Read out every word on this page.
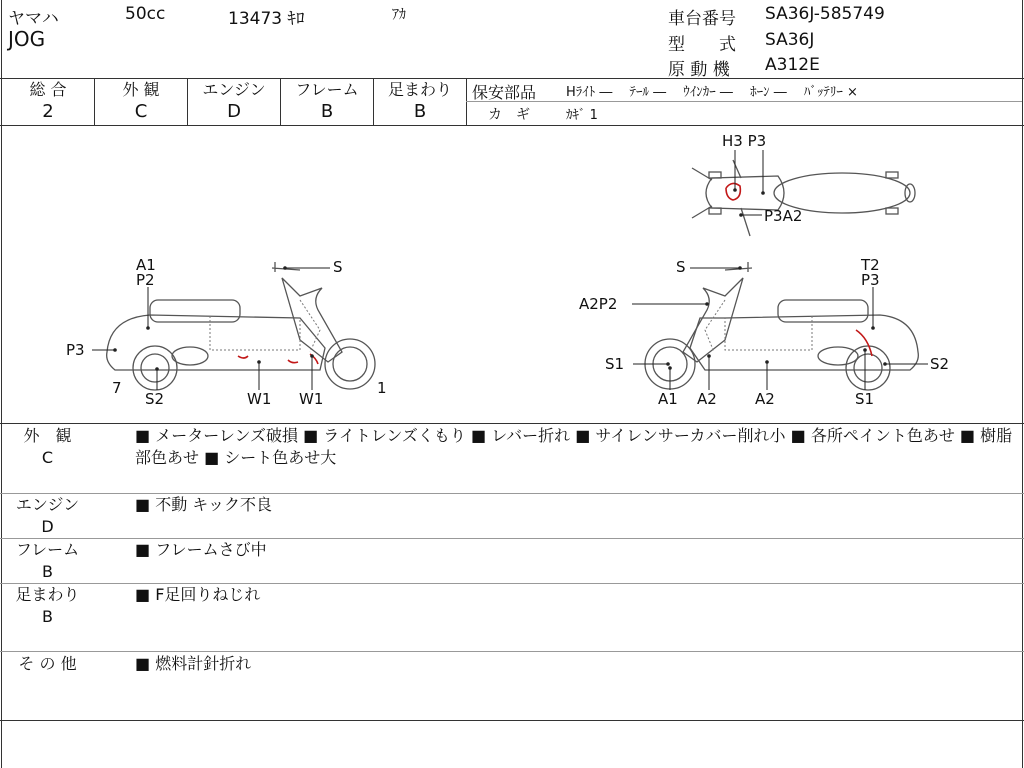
ヤマハ	50cc	13473 ｷﾛ	ｱｶ
JOG
車台番号 SA36J-585749
型　　式 SA36J
原 動 機 A312E
総 合
2
外 観
C
エンジン
D
フレーム
B
足まわり
B
保安部品 Hﾗｲﾄ ―　 ﾃｰﾙ ―　 ｳｲﾝｶｰ ―　 ﾎｰﾝ ―　 ﾊﾞｯﾃﾘｰ ×
カ　ギ	ｶｷﾞ 1
H3 P3
P3A2
A1
P2
S
P3
7
S2	W1 W1
1
S	T2
P3
A2P2
S1	S2
A1 A2	A2	S1
外　観
C
■ メーターレンズ破損 ■ ライトレンズくもり ■ レバー折れ ■ サイレンサーカバー削れ小 ■ 各所ペイント色あせ ■ 樹脂部色あせ ■ シート色あせ大
エンジン
D
■ 不動 キック不良
フレーム
B
■ フレームさび中
足まわり
B
■ F足回りねじれ
そ の 他	■ 燃料計針折れ
